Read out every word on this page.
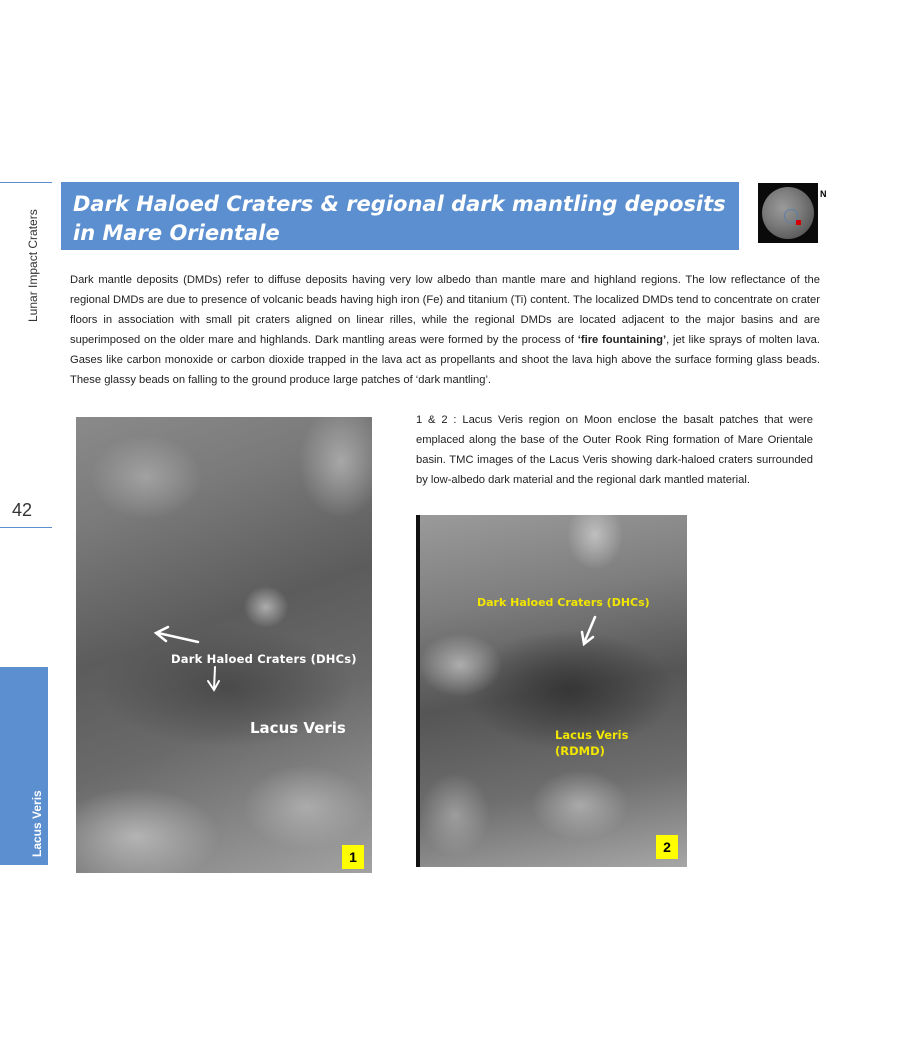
Lunar Impact Craters
42
Lacus Veris
Dark Haloed Craters & regional dark mantling deposits in Mare Orientale
N

Dark mantle deposits (DMDs) refer to diffuse deposits having very low albedo than mantle mare and highland regions. The low reflectance of the regional DMDs are due to presence of volcanic beads having high iron (Fe) and titanium (Ti) content. The localized DMDs tend to concentrate on crater floors in association with small pit craters aligned on linear rilles, while the regional DMDs are located adjacent to the major basins and are superimposed on the older mare and highlands. Dark mantling areas were formed by the process of ‘fire fountaining’, jet like sprays of molten lava. Gases like carbon monoxide or carbon dioxide trapped in the lava act as propellants and shoot the lava high above the surface forming glass beads. These glassy beads on falling to the ground produce large patches of ‘dark mantling’.

Dark Haloed Craters (DHCs)
Lacus Veris
1

1 & 2 : Lacus Veris region on Moon enclose the basalt patches that were emplaced along the base of the Outer Rook Ring formation of Mare Orientale basin. TMC images of the Lacus Veris showing dark-haloed craters surrounded by low-albedo dark material and the regional dark mantled material.

Dark Haloed Craters (DHCs)
Lacus Veris
(RDMD)
2
